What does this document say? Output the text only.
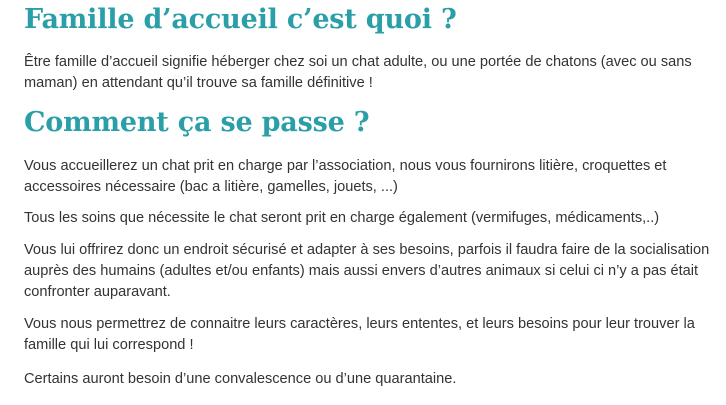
Famille d’accueil c’est quoi ?

Être famille d’accueil signifie héberger chez soi un chat adulte, ou une portée de chatons (avec ou sans maman) en attendant qu’il trouve sa famille définitive !

Comment ça se passe ?

Vous accueillerez un chat prit en charge par l’association, nous vous fournirons litière, croquettes et accessoires nécessaire (bac a litière, gamelles, jouets, ...)

Tous les soins que nécessite le chat seront prit en charge également (vermifuges, médicaments,..)

Vous lui offrirez donc un endroit sécurisé et adapter à ses besoins, parfois il faudra faire de la socialisation auprès des humains (adultes et/ou enfants) mais aussi envers d’autres animaux si celui ci n’y a pas était confronter auparavant.

Vous nous permettrez de connaitre leurs caractères, leurs ententes, et leurs besoins pour leur trouver la famille qui lui correspond !

Certains auront besoin d’une convalescence ou d’une quarantaine.
